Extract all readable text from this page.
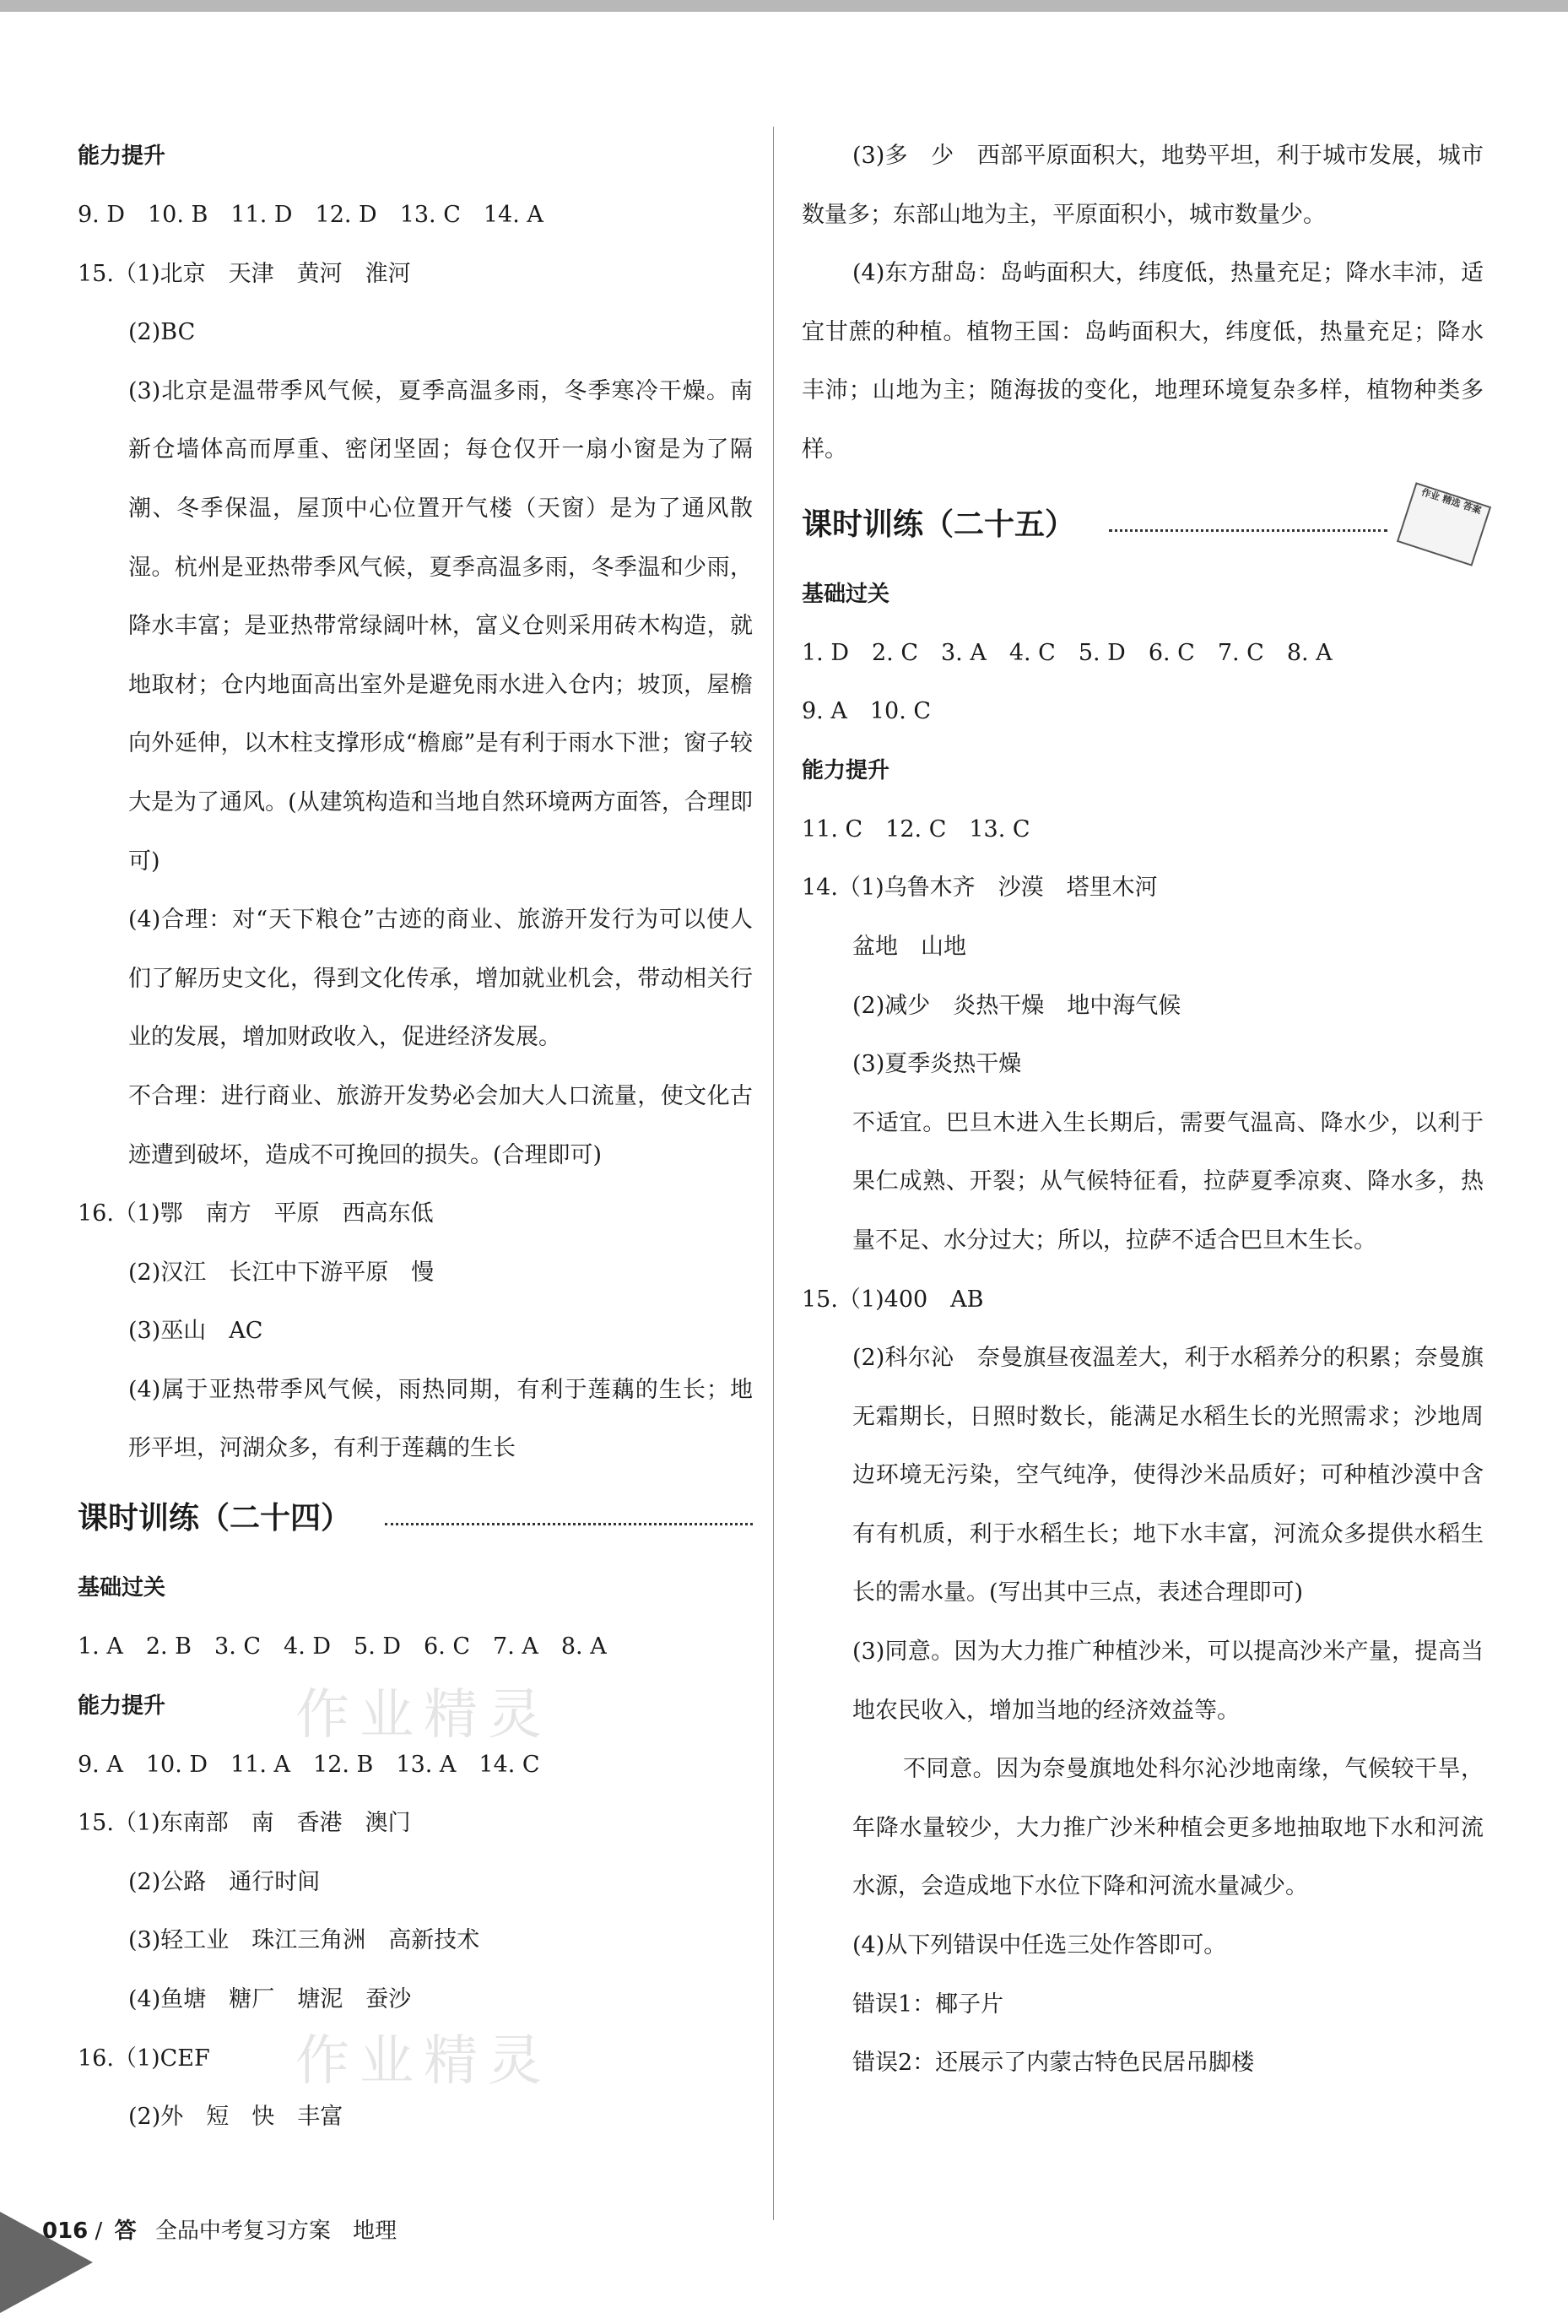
作业精灵
作业精灵
能力提升
9. D　10. B　11. D　12. D　13. C　14. A
15.（1)北京　天津　黄河　淮河
(2)BC
(3)北京是温带季风气候，夏季高温多雨，冬季寒冷干燥。南新仓墙体高而厚重、密闭坚固；每仓仅开一扇小窗是为了隔潮、冬季保温，屋顶中心位置开气楼（天窗）是为了通风散湿。杭州是亚热带季风气候，夏季高温多雨，冬季温和少雨，降水丰富；是亚热带常绿阔叶林，富义仓则采用砖木构造，就地取材；仓内地面高出室外是避免雨水进入仓内；坡顶，屋檐向外延伸，以木柱支撑形成“檐廊”是有利于雨水下泄；窗子较大是为了通风。(从建筑构造和当地自然环境两方面答，合理即可)
(4)合理：对“天下粮仓”古迹的商业、旅游开发行为可以使人们了解历史文化，得到文化传承，增加就业机会，带动相关行业的发展，增加财政收入，促进经济发展。
不合理：进行商业、旅游开发势必会加大人口流量，使文化古迹遭到破坏，造成不可挽回的损失。(合理即可)
16.（1)鄂　南方　平原　西高东低
(2)汉江　长江中下游平原　慢
(3)巫山　AC
(4)属于亚热带季风气候，雨热同期，有利于莲藕的生长；地形平坦，河湖众多，有利于莲藕的生长
课时训练（二十四）
基础过关
1. A　2. B　3. C　4. D　5. D　6. C　7. A　8. A
能力提升
9. A　10. D　11. A　12. B　13. A　14. C
15.（1)东南部　南　香港　澳门
(2)公路　通行时间
(3)轻工业　珠江三角洲　高新技术
(4)鱼塘　糖厂　塘泥　蚕沙
16.（1)CEF
(2)外　短　快　丰富
(3)多　少　西部平原面积大，地势平坦，利于城市发展，城市数量多；东部山地为主，平原面积小，城市数量少。
(4)东方甜岛：岛屿面积大，纬度低，热量充足；降水丰沛，适宜甘蔗的种植。植物王国：岛屿面积大，纬度低，热量充足；降水丰沛；山地为主；随海拔的变化，地理环境复杂多样，植物种类多样。
课时训练（二十五）
作业 精选 答案
基础过关
1. D　2. C　3. A　4. C　5. D　6. C　7. C　8. A
9. A　10. C
能力提升
11. C　12. C　13. C
14.（1)乌鲁木齐　沙漠　塔里木河
盆地　山地
(2)减少　炎热干燥　地中海气候
(3)夏季炎热干燥
不适宜。巴旦木进入生长期后，需要气温高、降水少，以利于果仁成熟、开裂；从气候特征看，拉萨夏季凉爽、降水多，热量不足、水分过大；所以，拉萨不适合巴旦木生长。
15.（1)400　AB
(2)科尔沁　奈曼旗昼夜温差大，利于水稻养分的积累；奈曼旗无霜期长，日照时数长，能满足水稻生长的光照需求；沙地周边环境无污染，空气纯净，使得沙米品质好；可种植沙漠中含有有机质，利于水稻生长；地下水丰富，河流众多提供水稻生长的需水量。(写出其中三点，表述合理即可)
(3)同意。因为大力推广种植沙米，可以提高沙米产量，提高当地农民收入，增加当地的经济效益等。
不同意。因为奈曼旗地处科尔沁沙地南缘，气候较干旱，年降水量较少，大力推广沙米种植会更多地抽取地下水和河流水源，会造成地下水位下降和河流水量减少。
(4)从下列错误中任选三处作答即可。
错误1：椰子片
错误2：还展示了内蒙古特色民居吊脚楼
016 / 答 全品中考复习方案 地理
